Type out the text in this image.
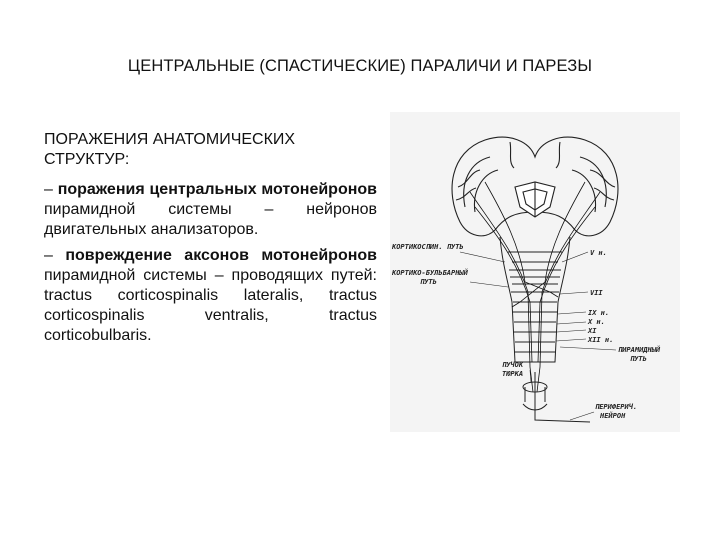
ЦЕНТРАЛЬНЫЕ (СПАСТИЧЕСКИЕ) ПАРАЛИЧИ И ПАРЕЗЫ
ПОРАЖЕНИЯ АНАТОМИЧЕСКИХ
СТРУКТУР:
– поражения центральных мотонейронов пирамидной системы – нейронов двигательных анализаторов.
– повреждение аксонов мотонейронов пирамидной системы – проводящих путей: tractus corticospinalis lateralis, tractus corticospinalis ventralis, tractus corticobulbaris.
КОРТИКОСПИН. ПУТЬ
КОРТИКО-БУЛЬБАРНЫЙ
ПУТЬ
ПУЧОК
ТЮРКА
ПИРАМИДНЫЙ
ПУТЬ
ПЕРИФЕРИЧ.
НЕЙРОН
V н.
VII
IX н.
X н.
XI
XII н.
